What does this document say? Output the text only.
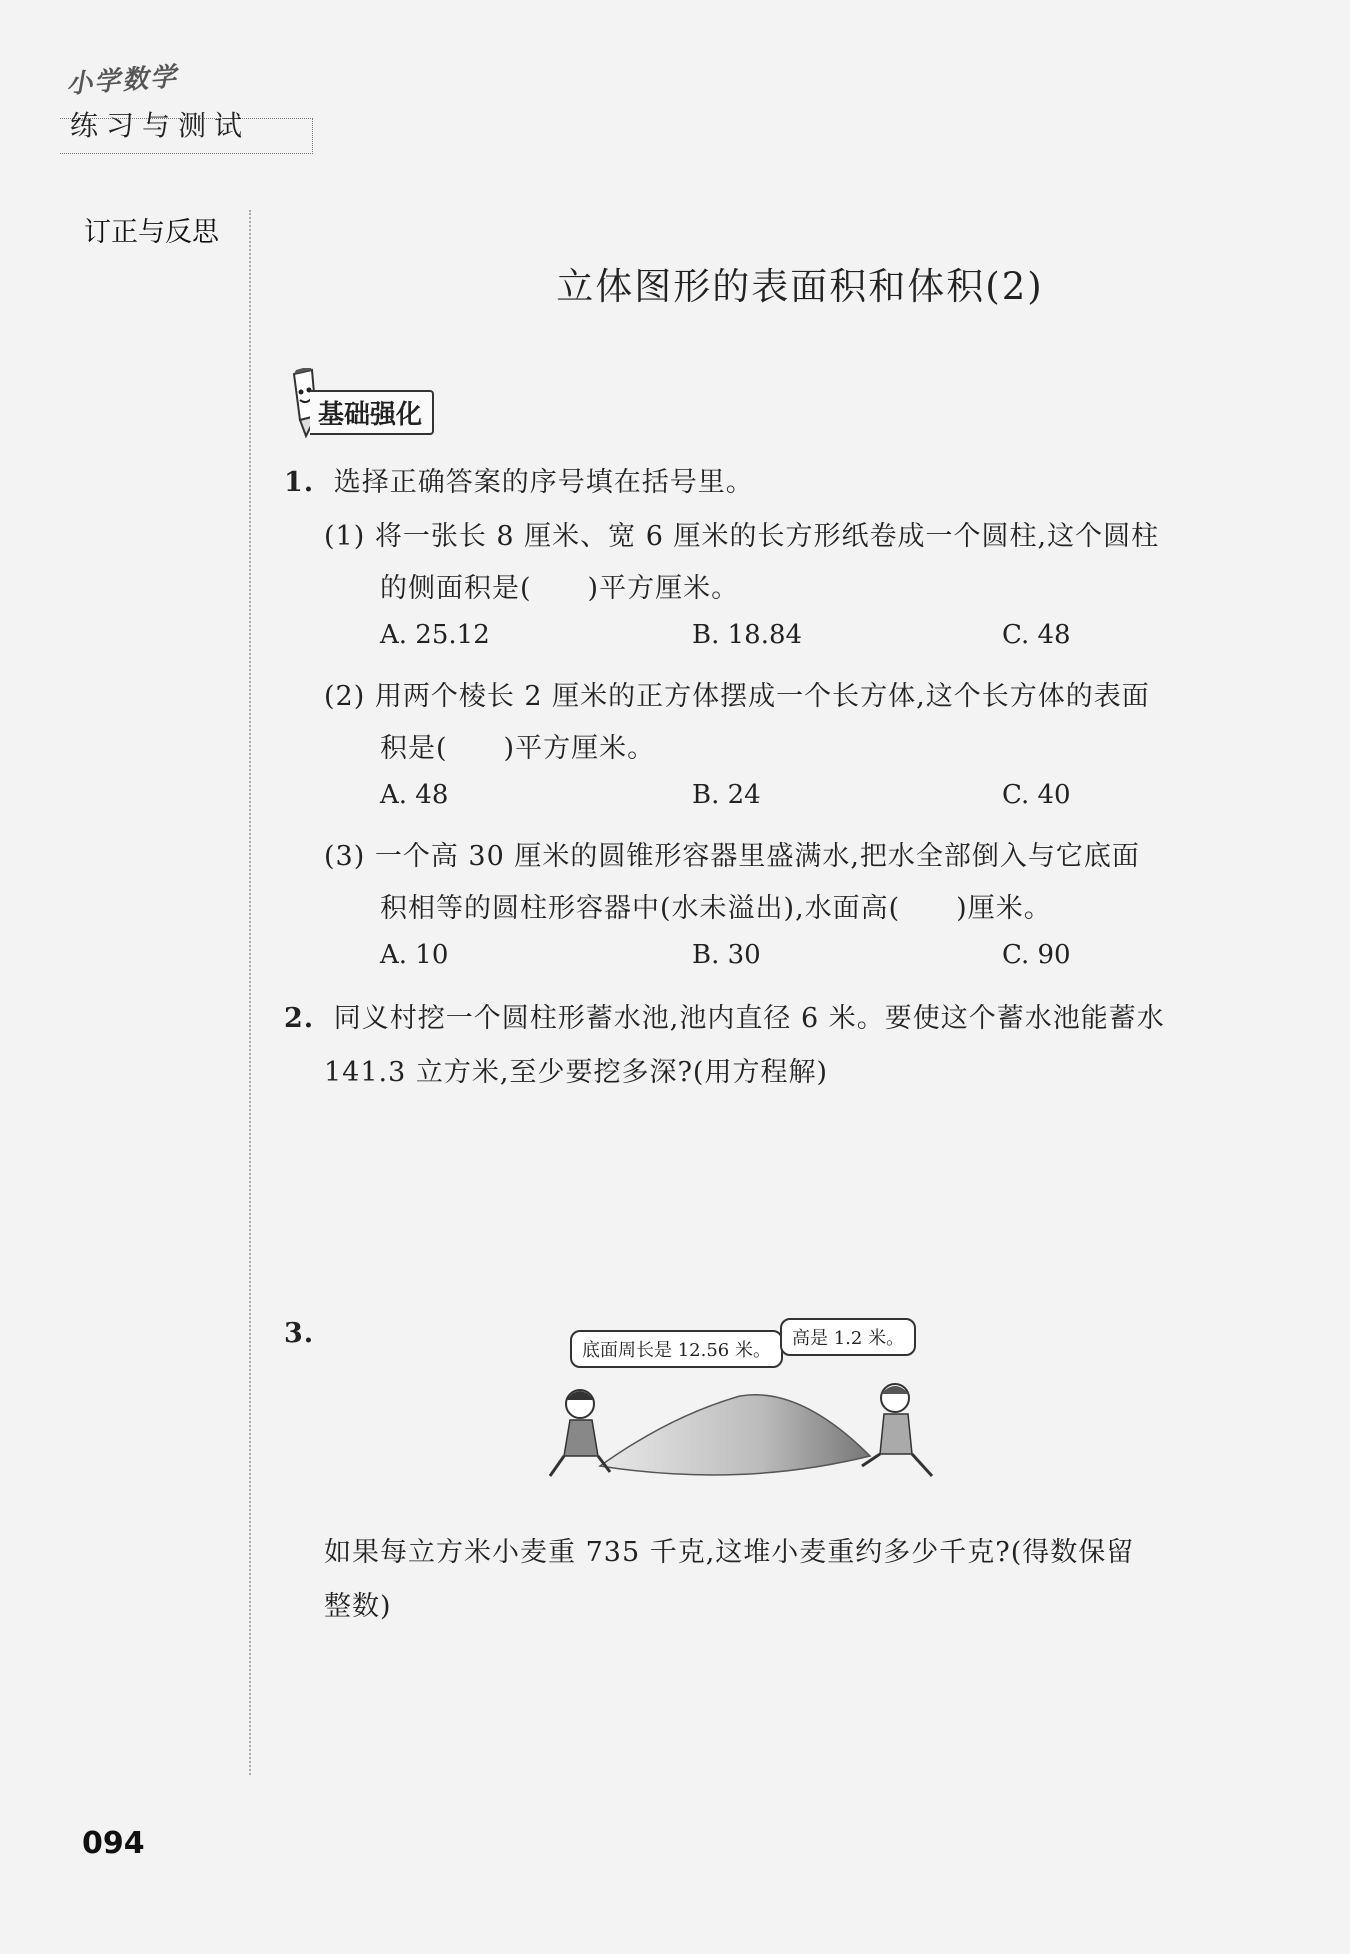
小学数学
练习与测试
订正与反思
立体图形的表面积和体积(2)
基础强化
1. 选择正确答案的序号填在括号里。
(1) 将一张长 8 厘米、宽 6 厘米的长方形纸卷成一个圆柱,这个圆柱
的侧面积是(　　)平方厘米。
A. 25.12	B. 18.84	C. 48
(2) 用两个棱长 2 厘米的正方体摆成一个长方体,这个长方体的表面
积是(　　)平方厘米。
A. 48	B. 24	C. 40
(3) 一个高 30 厘米的圆锥形容器里盛满水,把水全部倒入与它底面
积相等的圆柱形容器中(水未溢出),水面高(　　)厘米。
A. 10	B. 30	C. 90
2. 同义村挖一个圆柱形蓄水池,池内直径 6 米。要使这个蓄水池能蓄水
141.3 立方米,至少要挖多深?(用方程解)
3.
底面周长是 12.56 米。
高是 1.2 米。
如果每立方米小麦重 735 千克,这堆小麦重约多少千克?(得数保留
整数)
094
